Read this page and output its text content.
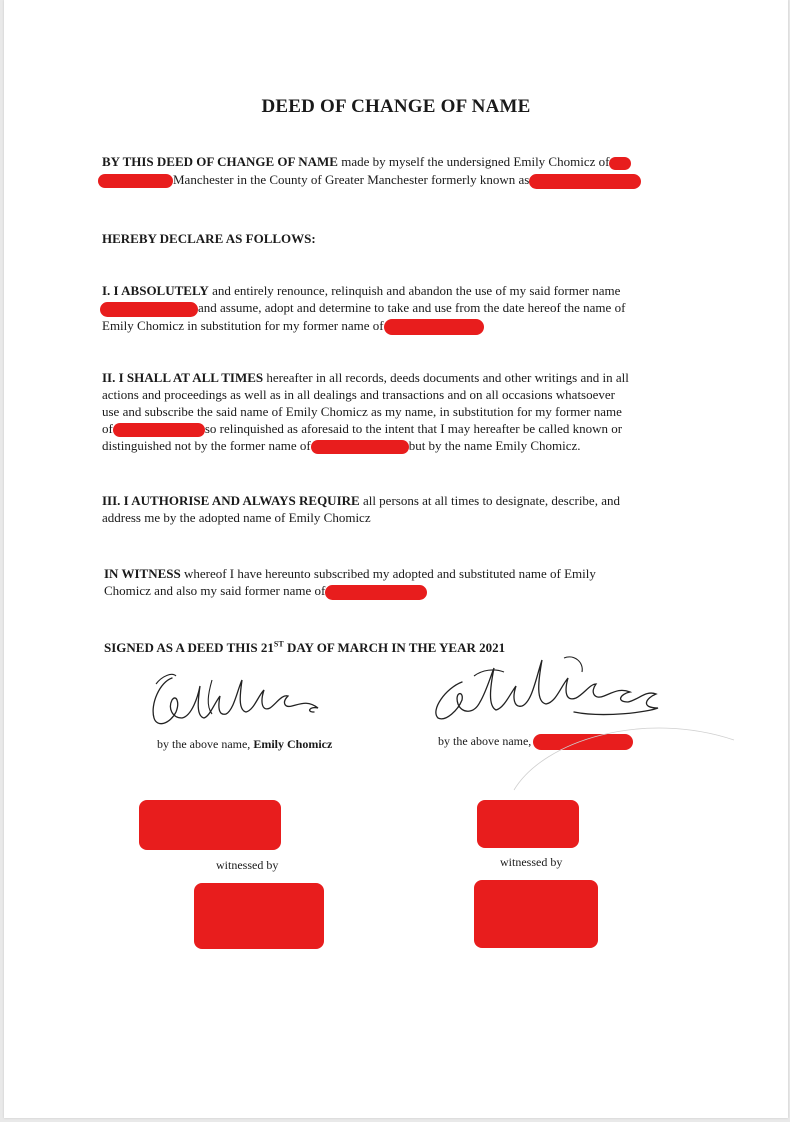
DEED OF CHANGE OF NAME
BY THIS DEED OF CHANGE OF NAME made by myself the undersigned Emily Chomicz of
Manchester in the County of Greater Manchester formerly known as
HEREBY DECLARE AS FOLLOWS:
I. I ABSOLUTELY and entirely renounce, relinquish and abandon the use of my said former name
and assume, adopt and determine to take and use from the date hereof the name of
Emily Chomicz in substitution for my former name of
II. I SHALL AT ALL TIMES hereafter in all records, deeds documents and other writings and in all
actions and proceedings as well as in all dealings and transactions and on all occasions whatsoever
use and subscribe the said name of Emily Chomicz as my name, in substitution for my former name
of	so relinquished as aforesaid to the intent that I may hereafter be called known or
distinguished not by the former name of	but by the name Emily Chomicz.
III. I AUTHORISE AND ALWAYS REQUIRE all persons at all times to designate, describe, and
address me by the adopted name of Emily Chomicz
IN WITNESS whereof I have hereunto subscribed my adopted and substituted name of Emily
Chomicz and also my said former name of
SIGNED AS A DEED THIS 21ST DAY OF MARCH IN THE YEAR 2021
by the above name, Emily Chomicz	by the above name,
witnessed by	witnessed by
